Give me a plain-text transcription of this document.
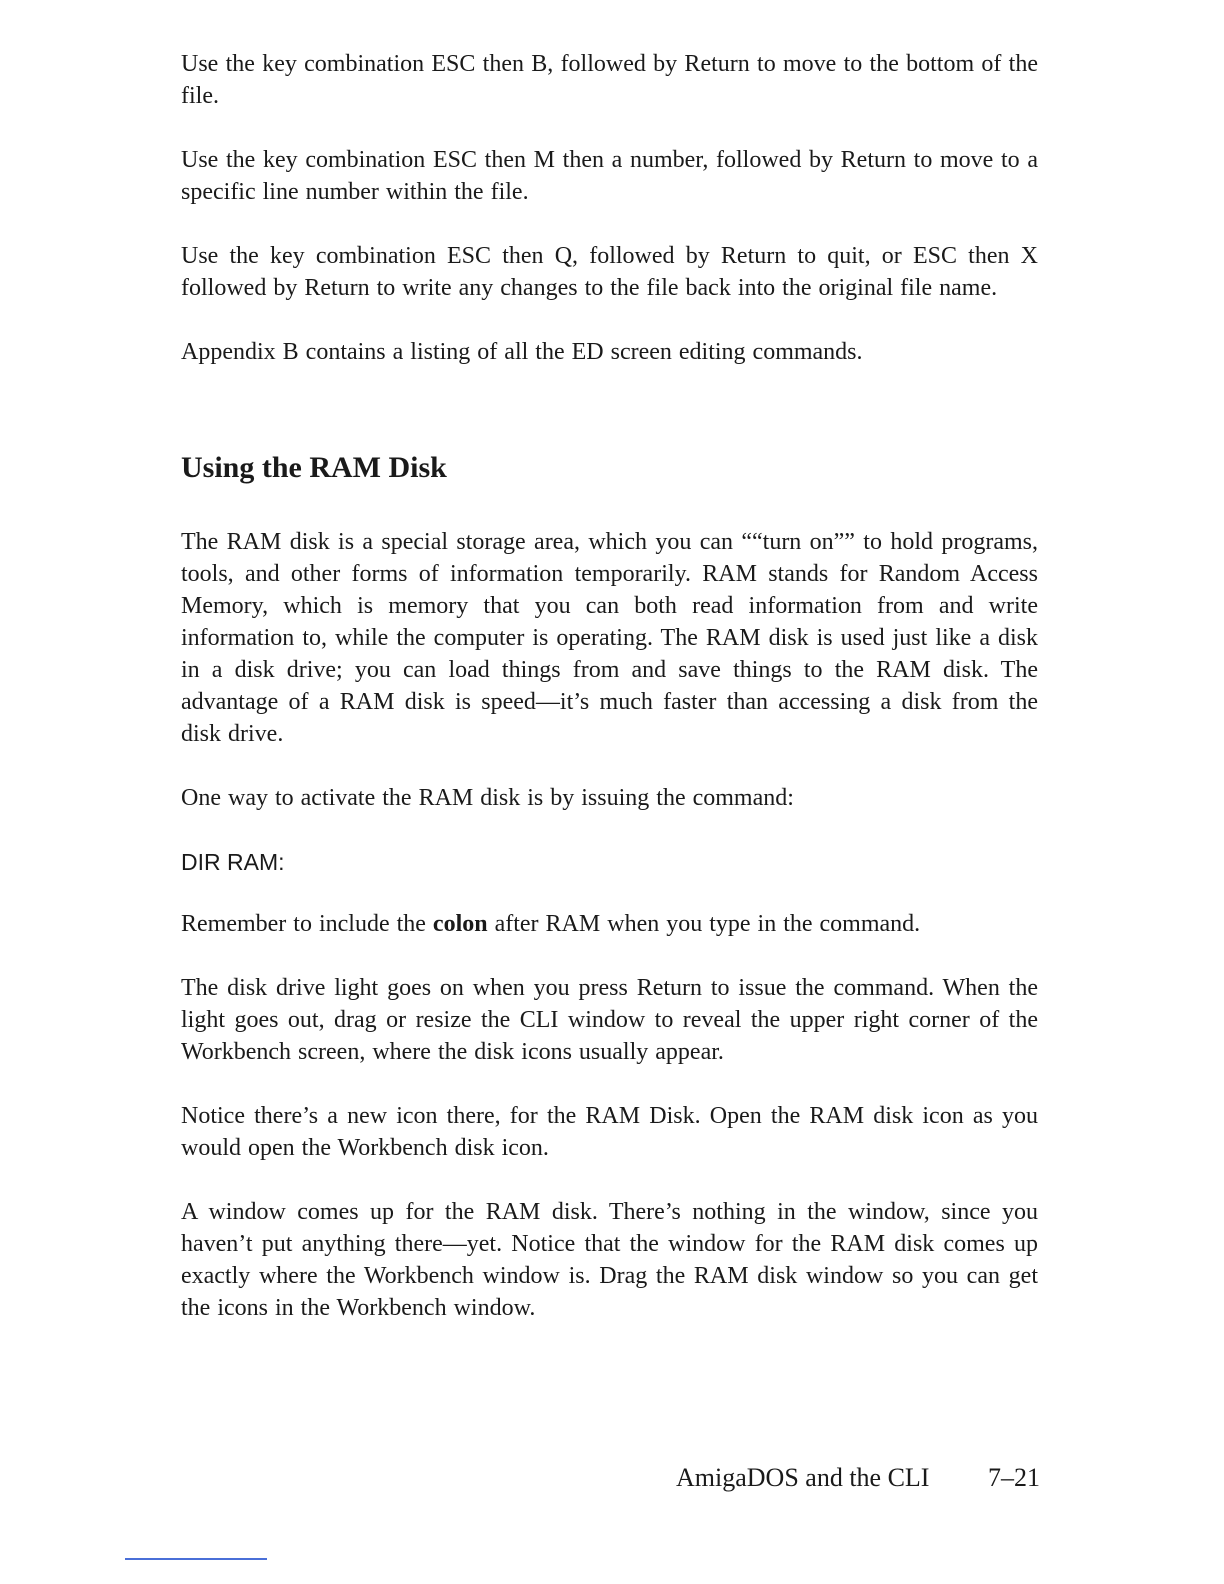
Use the key combination ESC then B, followed by Return to move to the bottom of the file.

Use the key combination ESC then M then a number, followed by Return to move to a specific line number within the file.

Use the key combination ESC then Q, followed by Return to quit, or ESC then X followed by Return to write any changes to the file back into the original file name.

Appendix B contains a listing of all the ED screen editing commands.

Using the RAM Disk

The RAM disk is a special storage area, which you can ““turn on”” to hold programs, tools, and other forms of information temporarily. RAM stands for Random Access Memory, which is memory that you can both read information from and write information to, while the computer is operating. The RAM disk is used just like a disk in a disk drive; you can load things from and save things to the RAM disk. The advantage of a RAM disk is speed—it’s much faster than accessing a disk from the disk drive.

One way to activate the RAM disk is by issuing the command:

DIR RAM:

Remember to include the colon after RAM when you type in the command.

The disk drive light goes on when you press Return to issue the command. When the light goes out, drag or resize the CLI window to reveal the upper right corner of the Workbench screen, where the disk icons usually appear.

Notice there’s a new icon there, for the RAM Disk. Open the RAM disk icon as you would open the Workbench disk icon.

A window comes up for the RAM disk. There’s nothing in the window, since you haven’t put anything there—yet. Notice that the window for the RAM disk comes up exactly where the Workbench window is. Drag the RAM disk window so you can get the icons in the Workbench window.

AmigaDOS and the CLI 7–21
